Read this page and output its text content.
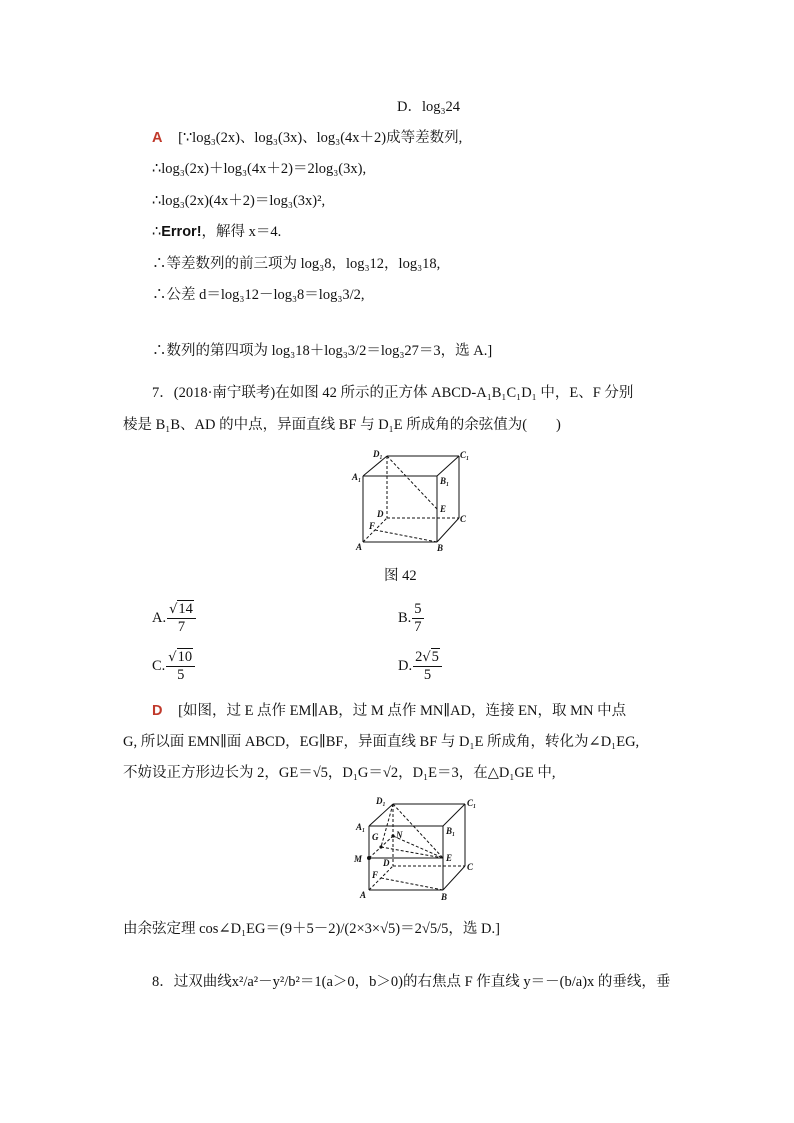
D．log₃24
A [∵log₃(2x)、log₃(3x)、log₃(4x＋2)成等差数列,
∴log₃(2x)＋log₃(4x＋2)＝2log₃(3x),
∴log₃(2x)(4x＋2)＝log₃(3x)²,
∴Error!，解得 x＝4.
∴等差数列的前三项为 log₃8，log₃12，log₃18,
∴公差 d＝log₃12－log₃8＝log₃3/2,
∴数列的第四项为 log₃18＋log₃3/2＝log₃27＝3，选 A.]
7．(2018·南宁联考)在如图 42 所示的正方体 ABCD-A₁B₁C₁D₁ 中，E、F 分别
棱是 B₁B、AD 的中点，异面直线 BF 与 D₁E 所成角的余弦值为(　　)
D₁	C₁
A₁	B₁
E
C
D
F
A	B
图 42
A. $\frac{√14}{7}$	B. $\frac{5}{7}$
C. $\frac{√10}{5}$	D. $\frac{2√5}{5}$
D [如图，过 E 点作 EM∥AB，过 M 点作 MN∥AD，连接 EN，取 MN 中点
G, 所以面 EMN∥面 ABCD，EG∥BF，异面直线 BF 与 D₁E 所成角，转化为∠D₁EG,
不妨设正方形边长为 2，GE＝√5，D₁G＝√2，D₁E＝3，在△D₁GE 中,
D₁	C₁
A₁	B₁
G N
M	E
C
D
F
A	B
由余弦定理 cos∠D₁EG＝(9＋5－2)/(2×3×√5)＝2√5/5，选 D.]
8．过双曲线x²/a²－y²/b²＝1(a＞0，b＞0)的右焦点 F 作直线 y＝－(b/a)x 的垂线，垂
